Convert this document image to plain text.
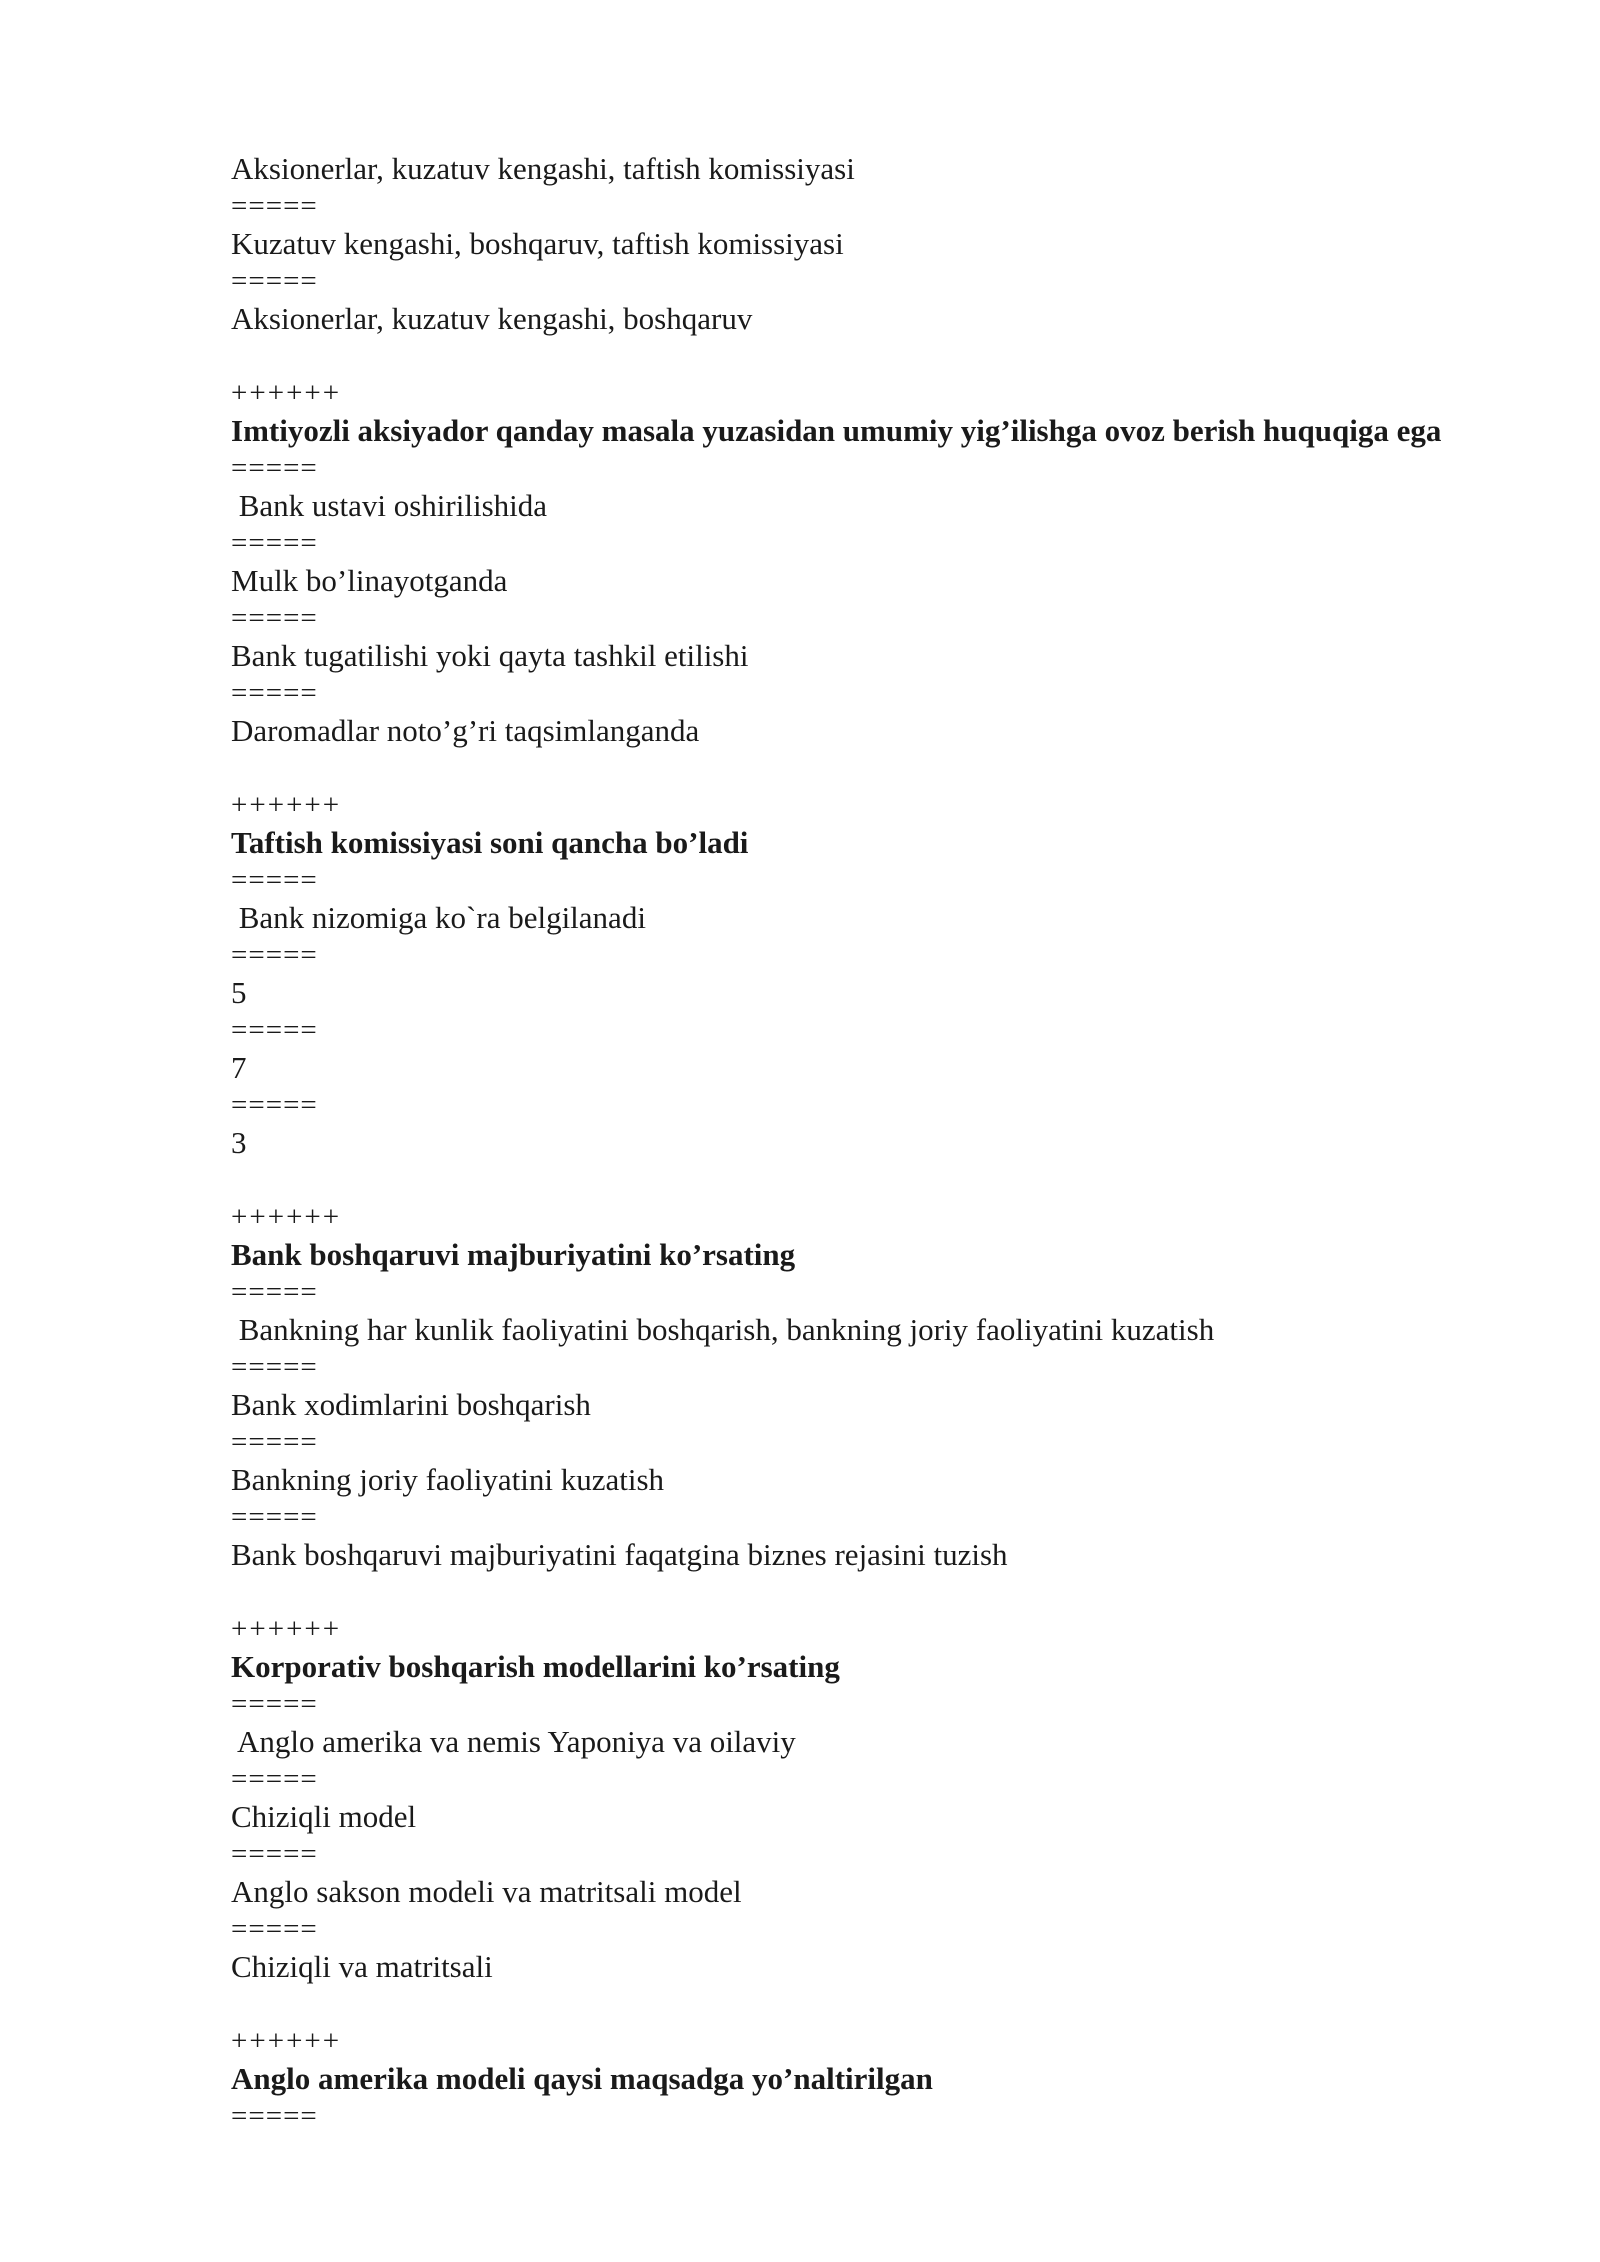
Aksionerlar, kuzatuv kengashi, taftish komissiyasi
=====
Kuzatuv kengashi, boshqaruv, taftish komissiyasi
=====
Aksionerlar, kuzatuv kengashi, boshqaruv
++++++
Imtiyozli aksiyador qanday masala yuzasidan umumiy yig’ilishga ovoz berish huquqiga ega
=====
Bank ustavi oshirilishida
=====
Mulk bo’linayotganda
=====
Bank tugatilishi yoki qayta tashkil etilishi
=====
Daromadlar noto’g’ri taqsimlanganda
++++++
Taftish komissiyasi soni qancha bo’ladi
=====
Bank nizomiga ko`ra belgilanadi
=====
5
=====
7
=====
3
++++++
Bank boshqaruvi majburiyatini ko’rsating
=====
Bankning har kunlik faoliyatini boshqarish, bankning joriy faoliyatini kuzatish
=====
Bank xodimlarini boshqarish
=====
Bankning joriy faoliyatini kuzatish
=====
Bank boshqaruvi majburiyatini faqatgina biznes rejasini tuzish
++++++
Korporativ boshqarish modellarini ko’rsating
=====
Anglo amerika va nemis Yaponiya va oilaviy
=====
Chiziqli model
=====
Anglo sakson modeli va matritsali model
=====
Chiziqli va matritsali
++++++
Anglo amerika modeli qaysi maqsadga yo’naltirilgan
=====
